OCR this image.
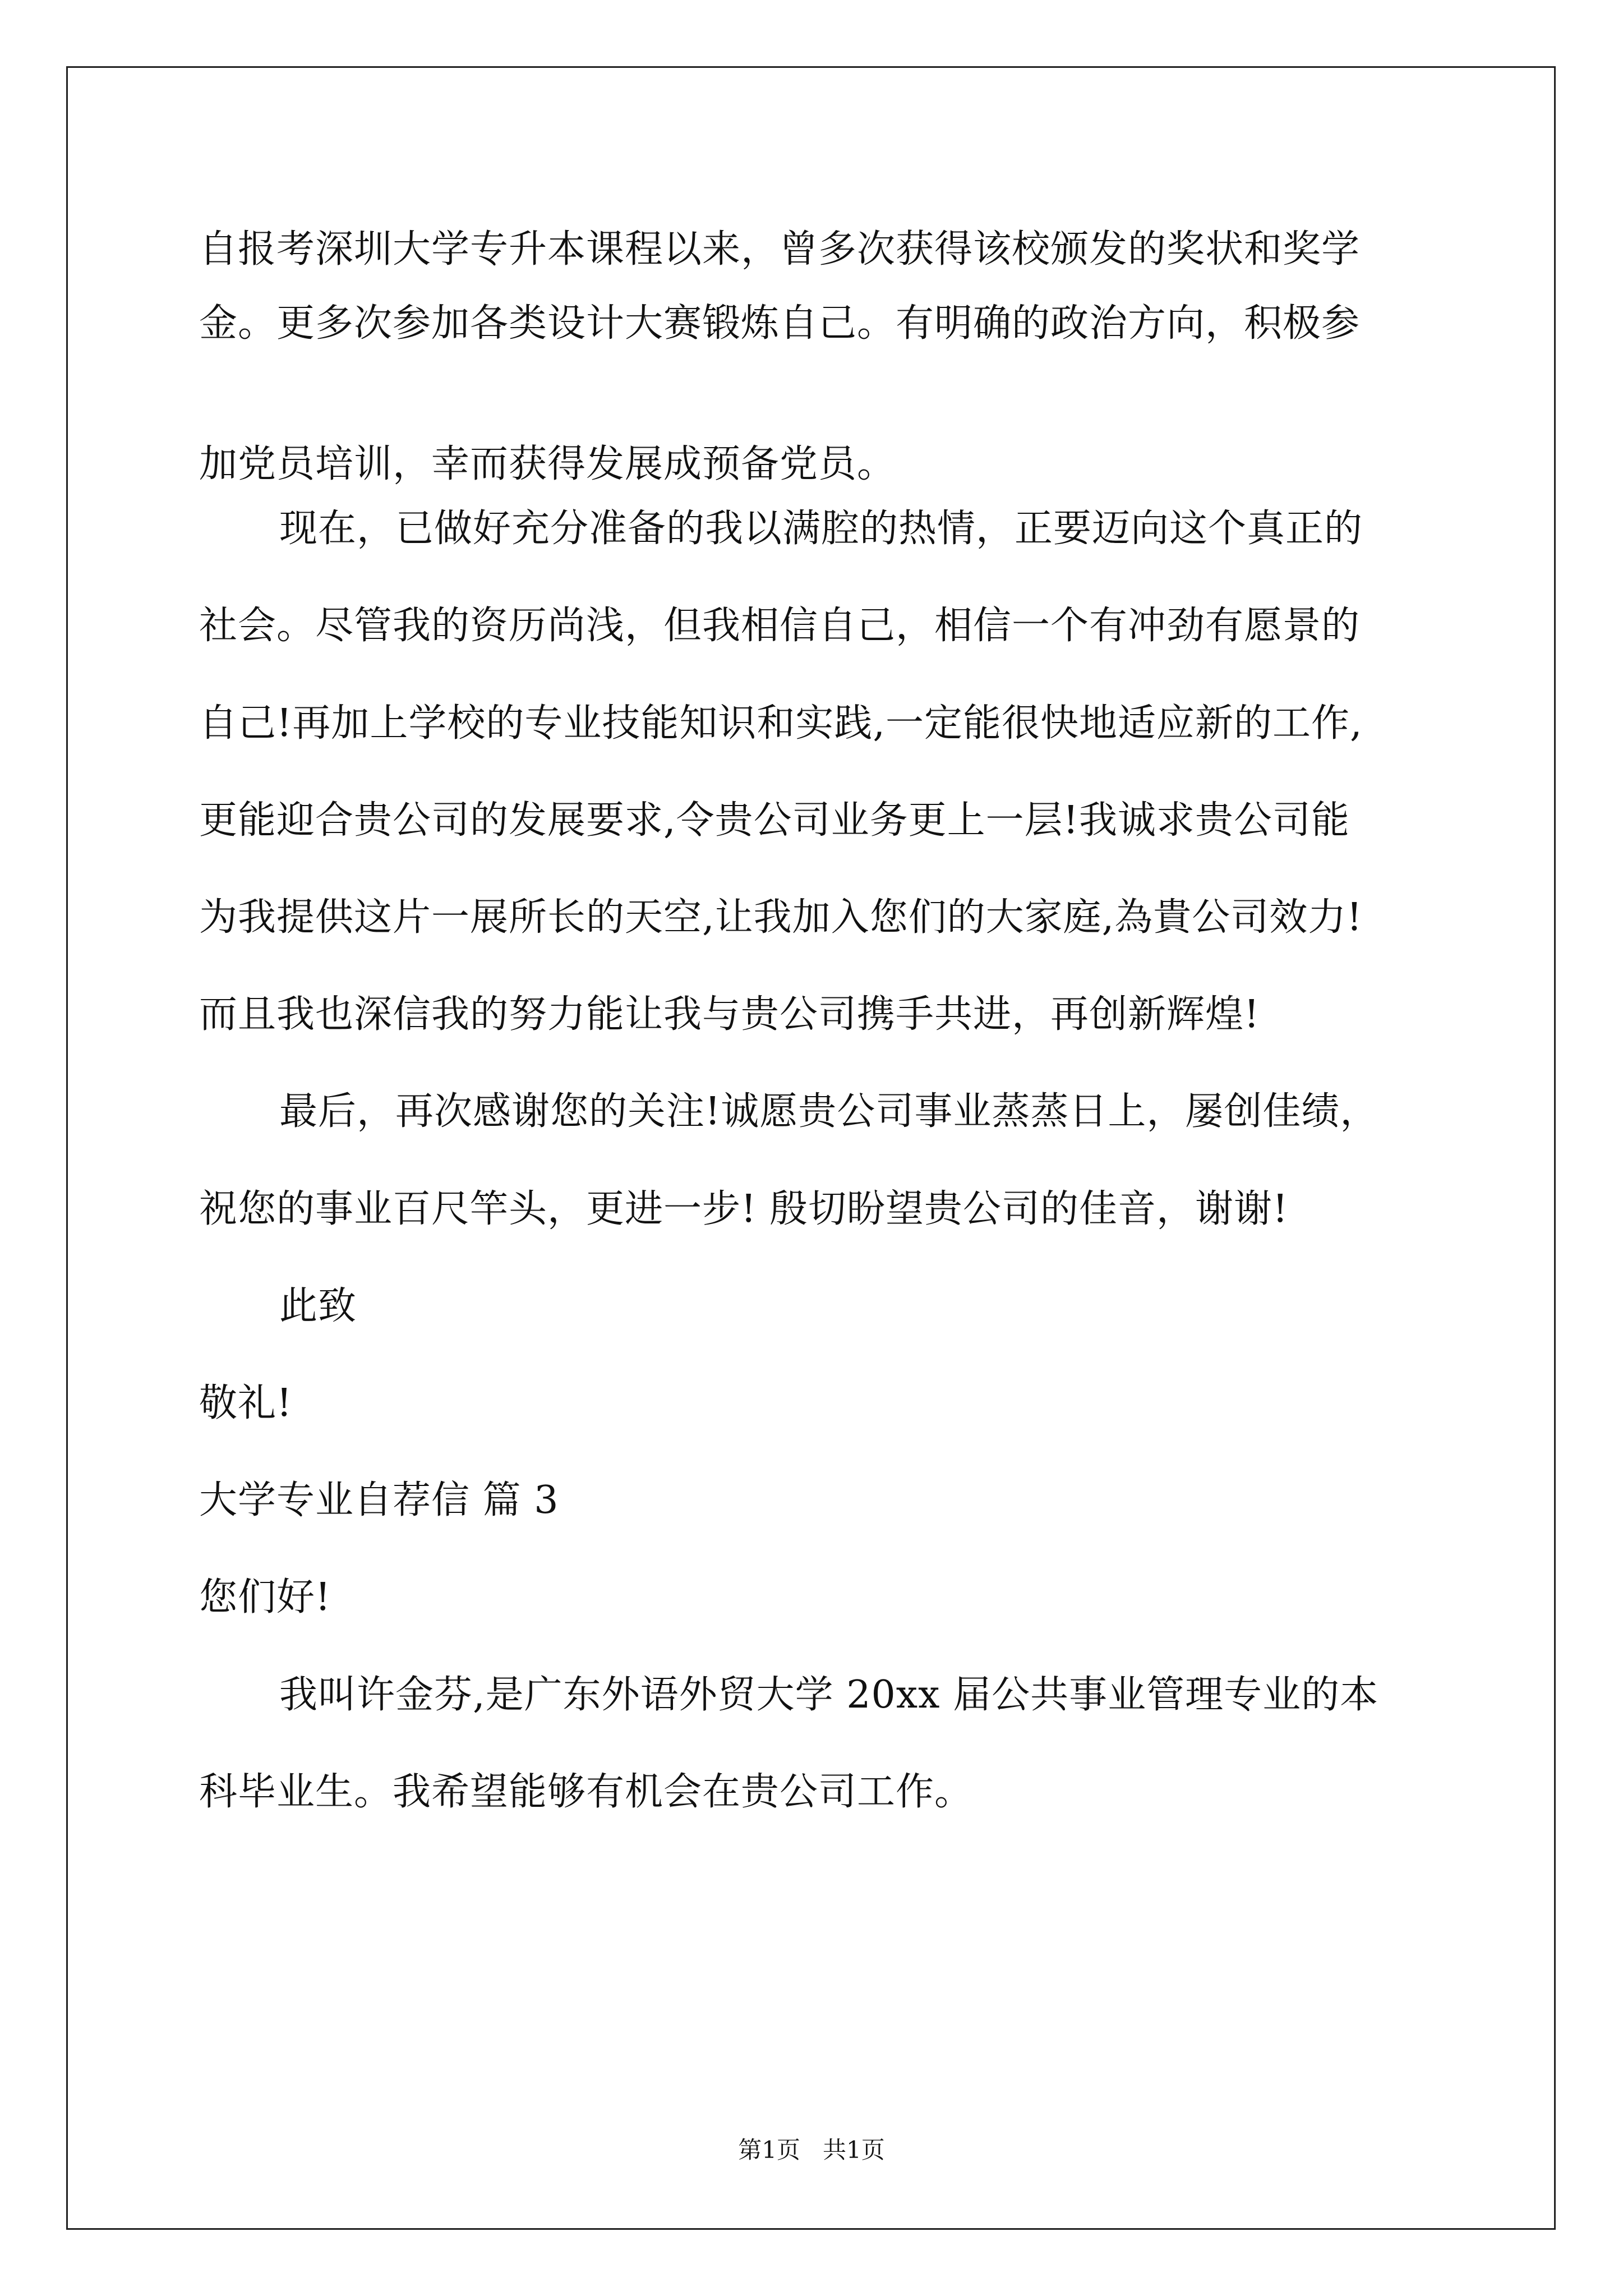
自报考深圳大学专升本课程以来，曾多次获得该校颁发的奖状和奖学
金。更多次参加各类设计大赛锻炼自己。有明确的政治方向，积极参
加党员培训，幸而获得发展成预备党员。
现在，已做好充分准备的我以满腔的热情，正要迈向这个真正的
社会。尽管我的资历尚浅，但我相信自己，相信一个有冲劲有愿景的
自己!再加上学校的专业技能知识和实践,一定能很快地适应新的工作,
更能迎合贵公司的发展要求,令贵公司业务更上一层!我诚求贵公司能
为我提供这片一展所长的天空,让我加入您们的大家庭,為貴公司效力!
而且我也深信我的努力能让我与贵公司携手共进，再创新辉煌!
最后，再次感谢您的关注!诚愿贵公司事业蒸蒸日上，屡创佳绩，
祝您的事业百尺竿头，更进一步! 殷切盼望贵公司的佳音，谢谢!
此致
敬礼!
大学专业自荐信 篇 3
您们好!
我叫许金芬,是广东外语外贸大学 20xx 届公共事业管理专业的本
科毕业生。我希望能够有机会在贵公司工作。
第1页   共1页
